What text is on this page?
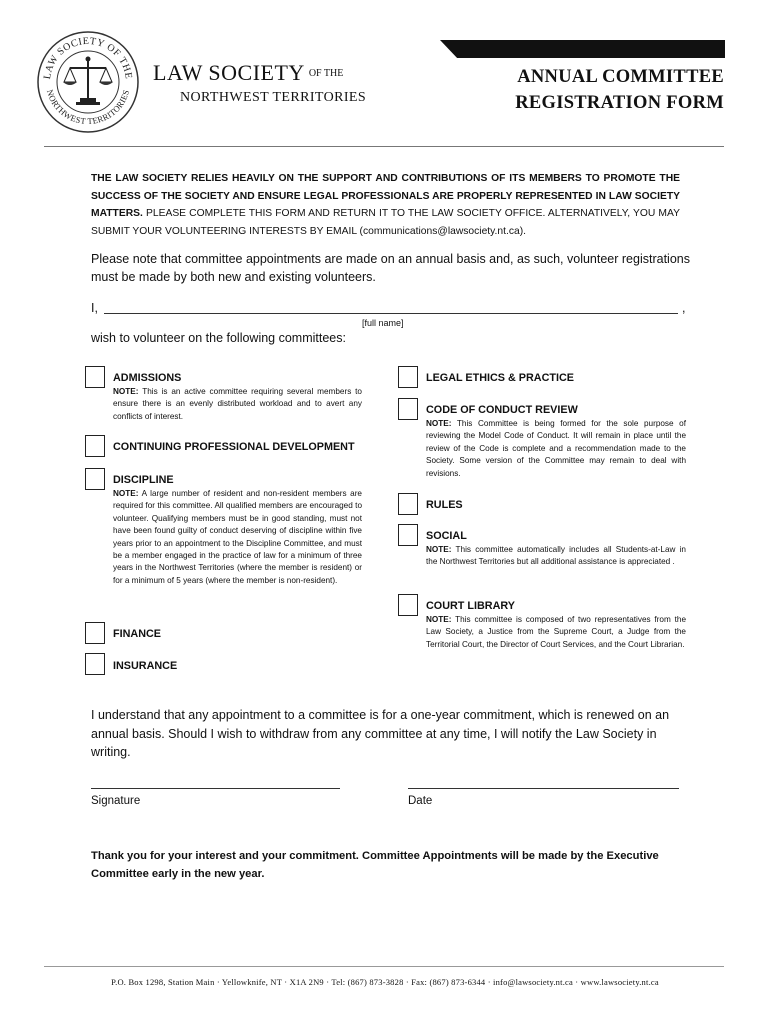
LAW SOCIETY OF THE
NORTHWEST TERRITORIES
LAW SOCIETY OF THE
NORTHWEST TERRITORIES
ANNUAL COMMITTEE
REGISTRATION FORM
THE LAW SOCIETY RELIES HEAVILY ON THE SUPPORT AND CONTRIBUTIONS OF ITS MEMBERS TO PROMOTE THE SUCCESS OF THE SOCIETY AND ENSURE LEGAL PROFESSIONALS ARE PROPERLY REPRESENTED IN LAW SOCIETY MATTERS. PLEASE COMPLETE THIS FORM AND RETURN IT TO THE LAW SOCIETY OFFICE. ALTERNATIVELY, YOU MAY SUBMIT YOUR VOLUNTEERING INTERESTS BY EMAIL (communications@lawsociety.nt.ca).
Please note that committee appointments are made on an annual basis and, as such, volunteer registrations must be made by both new and existing volunteers.
I,	,
[full name]
wish to volunteer on the following committees:
ADMISSIONS
NOTE: This is an active committee requiring several members to ensure there is an evenly distributed workload and to avert any conflicts of interest.
CONTINUING PROFESSIONAL DEVELOPMENT
DISCIPLINE
NOTE: A large number of resident and non-resident members are required for this committee. All qualified members are encouraged to volunteer. Qualifying members must be in good standing, must not have been found guilty of conduct deserving of discipline within five years prior to an appointment to the Discipline Committee, and must be a member engaged in the practice of law for a minimum of three years in the Northwest Territories (where the member is resident) or for a minimum of 5 years (where the member is non-resident).
FINANCE
INSURANCE
LEGAL ETHICS & PRACTICE
CODE OF CONDUCT REVIEW
NOTE: This Committee is being formed for the sole purpose of reviewing the Model Code of Conduct. It will remain in place until the review of the Code is complete and a recommendation made to the Society. Some version of the Committee may remain to deal with revisions.
RULES
SOCIAL
NOTE: This committee automatically includes all Students-at-Law in the Northwest Territories but all additional assistance is appreciated .
COURT LIBRARY
NOTE: This committee is composed of two representatives from the Law Society, a Justice from the Supreme Court, a Judge from the Territorial Court, the Director of Court Services, and the Court Librarian.
I understand that any appointment to a committee is for a one-year commitment, which is renewed on an annual basis. Should I wish to withdraw from any committee at any time, I will notify the Law Society in writing.
Signature	Date
Thank you for your interest and your commitment. Committee Appointments will be made by the Executive Committee early in the new year.
P.O. Box 1298, Station Main · Yellowknife, NT · X1A 2N9 · Tel: (867) 873-3828 · Fax: (867) 873-6344 · info@lawsociety.nt.ca · www.lawsociety.nt.ca
